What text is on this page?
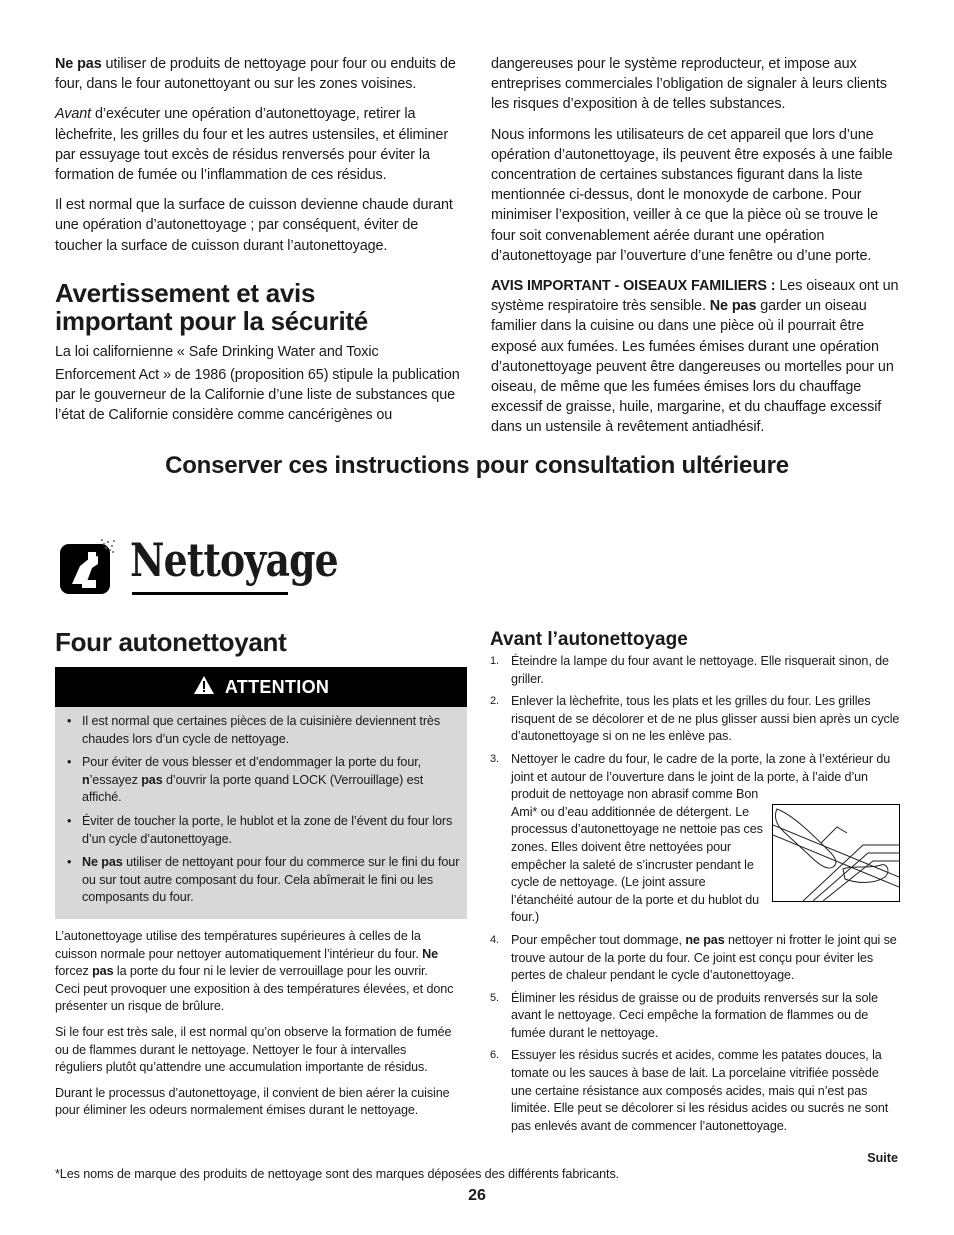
Ne pas utiliser de produits de nettoyage pour four ou enduits de four, dans le four autonettoyant ou sur les zones voisines.

Avant d’exécuter une opération d’autonettoyage, retirer la lèchefrite, les grilles du four et les autres ustensiles, et éliminer par essuyage tout excès de résidus renversés pour éviter la formation de fumée ou l’inflammation de ces résidus.

Il est normal que la surface de cuisson devienne chaude durant une opération d’autonettoyage ; par conséquent, éviter de toucher la surface de cuisson durant l’autonettoyage.

Avertissement et avis
important pour la sécurité
La loi californienne « Safe Drinking Water and Toxic
Enforcement Act » de 1986 (proposition 65) stipule la publication par le gouverneur de la Californie d’une liste de substances que l’état de Californie considère comme cancérigènes ou

dangereuses pour le système reproducteur, et impose aux entreprises commerciales l’obligation de signaler à leurs clients les risques d’exposition à de telles substances.

Nous informons les utilisateurs de cet appareil que lors d’une opération d’autonettoyage, ils peuvent être exposés à une faible concentration de certaines substances figurant dans la liste mentionnée ci-dessus, dont le monoxyde de carbone. Pour minimiser l’exposition, veiller à ce que la pièce où se trouve le four soit convenablement aérée durant une opération d’autonettoyage par l’ouverture d’une fenêtre ou d’une porte.

AVIS IMPORTANT - OISEAUX FAMILIERS : Les oiseaux ont un système respiratoire très sensible. Ne pas garder un oiseau familier dans la cuisine ou dans une pièce où il pourrait être exposé aux fumées. Les fumées émises durant une opération d’autonettoyage peuvent être dangereuses ou mortelles pour un oiseau, de même que les fumées émises lors du chauffage excessif de graisse, huile, margarine, et du chauffage excessif dans un ustensile à revêtement antiadhésif.

Conserver ces instructions pour consultation ultérieure
Nettoyage
Four autonettoyant
ATTENTION
• Il est normal que certaines pièces de la cuisinière deviennent très chaudes lors d’un cycle de nettoyage.
• Pour éviter de vous blesser et d’endommager la porte du four, n’essayez pas d’ouvrir la porte quand LOCK (Verrouillage) est affiché.
• Éviter de toucher la porte, le hublot et la zone de l’évent du four lors d’un cycle d’autonettoyage.
• Ne pas utiliser de nettoyant pour four du commerce sur le fini du four ou sur tout autre composant du four. Cela abîmerait le fini ou les composants du four.

L’autonettoyage utilise des températures supérieures à celles de la cuisson normale pour nettoyer automatiquement l’intérieur du four. Ne forcez pas la porte du four ni le levier de verrouillage pour les ouvrir. Ceci peut provoquer une exposition à des températures élevées, et donc présenter un risque de brûlure.

Si le four est très sale, il est normal qu’on observe la formation de fumée ou de flammes durant le nettoyage. Nettoyer le four à intervalles réguliers plutôt qu’attendre une accumulation importante de résidus.

Durant le processus d’autonettoyage, il convient de bien aérer la cuisine pour éliminer les odeurs normalement émises durant le nettoyage.

Avant l’autonettoyage
1. Éteindre la lampe du four avant le nettoyage. Elle risquerait sinon, de griller.
2. Enlever la lèchefrite, tous les plats et les grilles du four. Les grilles risquent de se décolorer et de ne plus glisser aussi bien après un cycle d’autonettoyage si on ne les enlève pas.
3. Nettoyer le cadre du four, le cadre de la porte, la zone à l’extérieur du joint et autour de l’ouverture dans le joint de la porte, à l’aide d’un produit de nettoyage non abrasif comme Bon
Ami* ou d’eau additionnée de détergent. Le processus d’autonettoyage ne nettoie pas ces zones. Elles doivent être nettoyées pour empêcher la saleté de s’incruster pendant le cycle de nettoyage. (Le joint assure l’étanchéité autour de la porte et du hublot du four.)
4. Pour empêcher tout dommage, ne pas nettoyer ni frotter le joint qui se trouve autour de la porte du four. Ce joint est conçu pour éviter les pertes de chaleur pendant le cycle d’autonettoyage.
5. Éliminer les résidus de graisse ou de produits renversés sur la sole avant le nettoyage. Ceci empêche la formation de flammes ou de fumée durant le nettoyage.
6. Essuyer les résidus sucrés et acides, comme les patates douces, la tomate ou les sauces à base de lait. La porcelaine vitrifiée possède une certaine résistance aux composés acides, mais qui n’est pas limitée. Elle peut se décolorer si les résidus acides ou sucrés ne sont pas enlevés avant de commencer l’autonettoyage.
Suite
*Les noms de marque des produits de nettoyage sont des marques déposées des différents fabricants.
26
